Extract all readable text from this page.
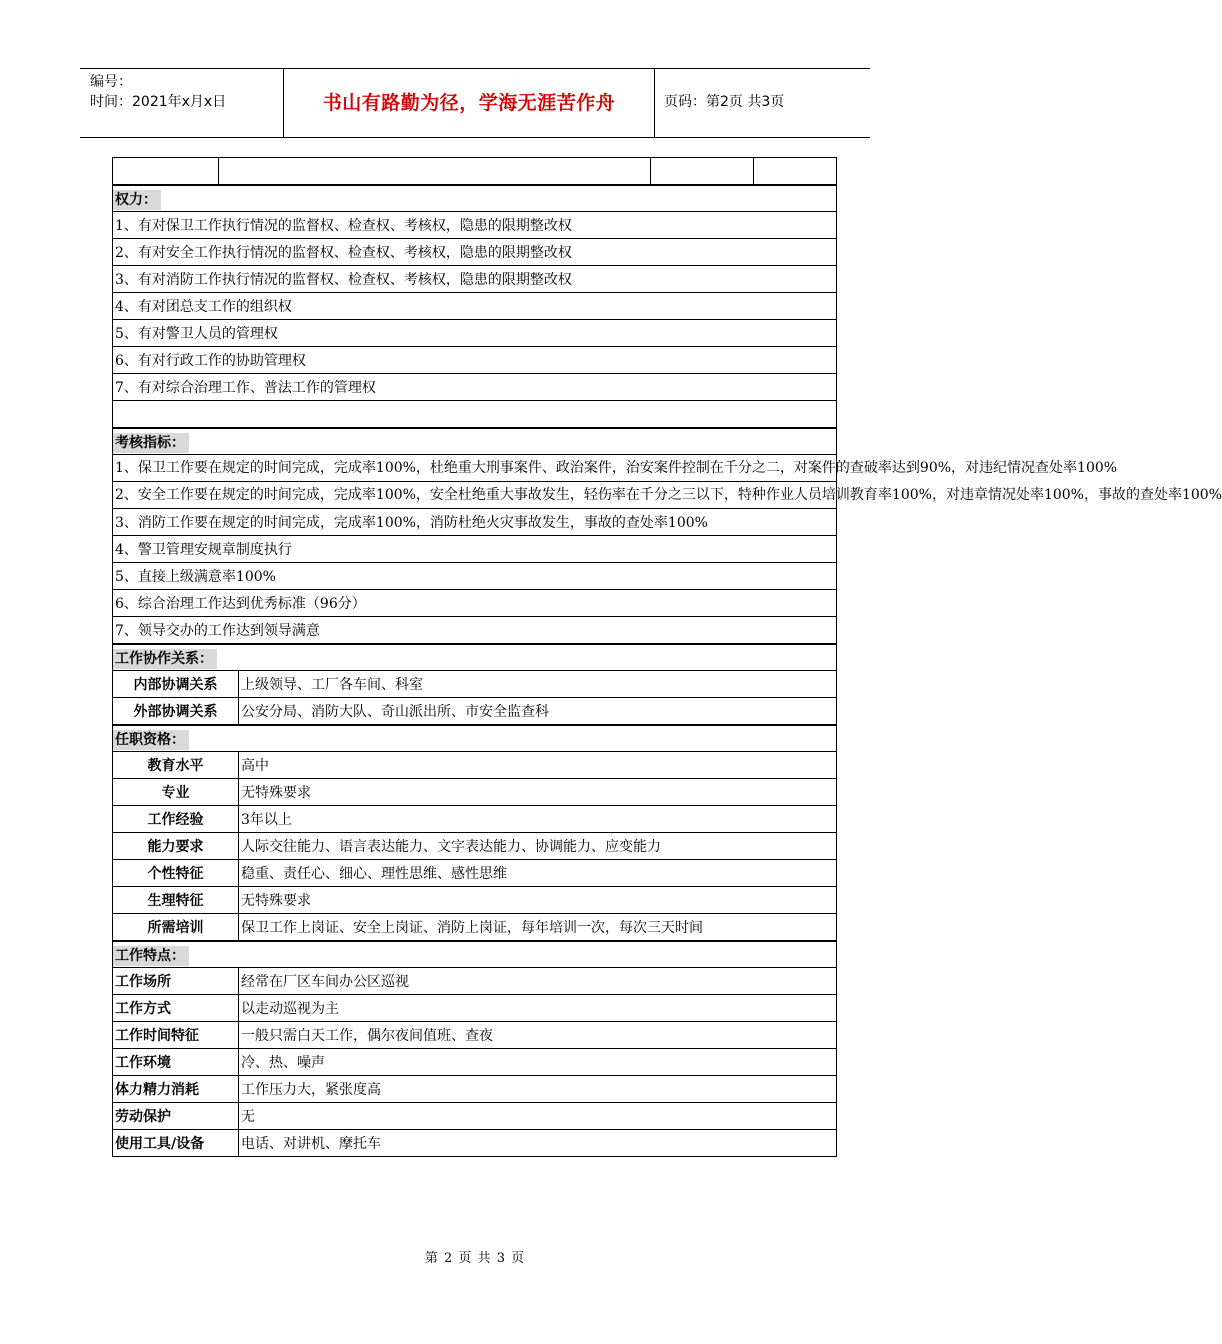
编号：
时间：2021年x月x日	书山有路勤为径，学海无涯苦作舟	页码：第2页 共3页

权力：				
1、有对保卫工作执行情况的监督权、检查权、考核权，隐患的限期整改权				
2、有对安全工作执行情况的监督权、检查权、考核权，隐患的限期整改权				
3、有对消防工作执行情况的监督权、检查权、考核权，隐患的限期整改权				
4、有对团总支工作的组织权				
5、有对警卫人员的管理权				
6、有对行政工作的协助管理权				
7、有对综合治理工作、普法工作的管理权				

考核指标：				
1、保卫工作要在规定的时间完成，完成率100%，杜绝重大刑事案件、政治案件，治安案件控制在千分之二，对案件的查破率达到90%，对违纪情况查处率100%				
2、安全工作要在规定的时间完成，完成率100%，安全杜绝重大事故发生，轻伤率在千分之三以下，特种作业人员培训教育率100%，对违章情况处率100%，事故的查处率100%				
3、消防工作要在规定的时间完成，完成率100%，消防杜绝火灾事故发生，事故的查处率100%				
4、警卫管理安规章制度执行				
5、直接上级满意率100%				
6、综合治理工作达到优秀标准（96分）				
7、领导交办的工作达到领导满意				
工作协作关系：				
内部协调关系		上级领导、工厂各车间、科室		
外部协调关系		公安分局、消防大队、奇山派出所、市安全监查科		
任职资格：				
教育水平		高中		
专业		无特殊要求		
工作经验		3年以上		
能力要求		人际交往能力、语言表达能力、文字表达能力、协调能力、应变能力		
个性特征		稳重、责任心、细心、理性思维、感性思维		
生理特征		无特殊要求		
所需培训		保卫工作上岗证、安全上岗证、消防上岗证，每年培训一次，每次三天时间		
工作特点：				
工作场所		经常在厂区车间办公区巡视		
工作方式		以走动巡视为主		
工作时间特征		一般只需白天工作，偶尔夜间值班、查夜		
工作环境		冷、热、噪声		
体力精力消耗		工作压力大，紧张度高		
劳动保护		无		
使用工具/设备		电话、对讲机、摩托车		
第 2 页 共 3 页
